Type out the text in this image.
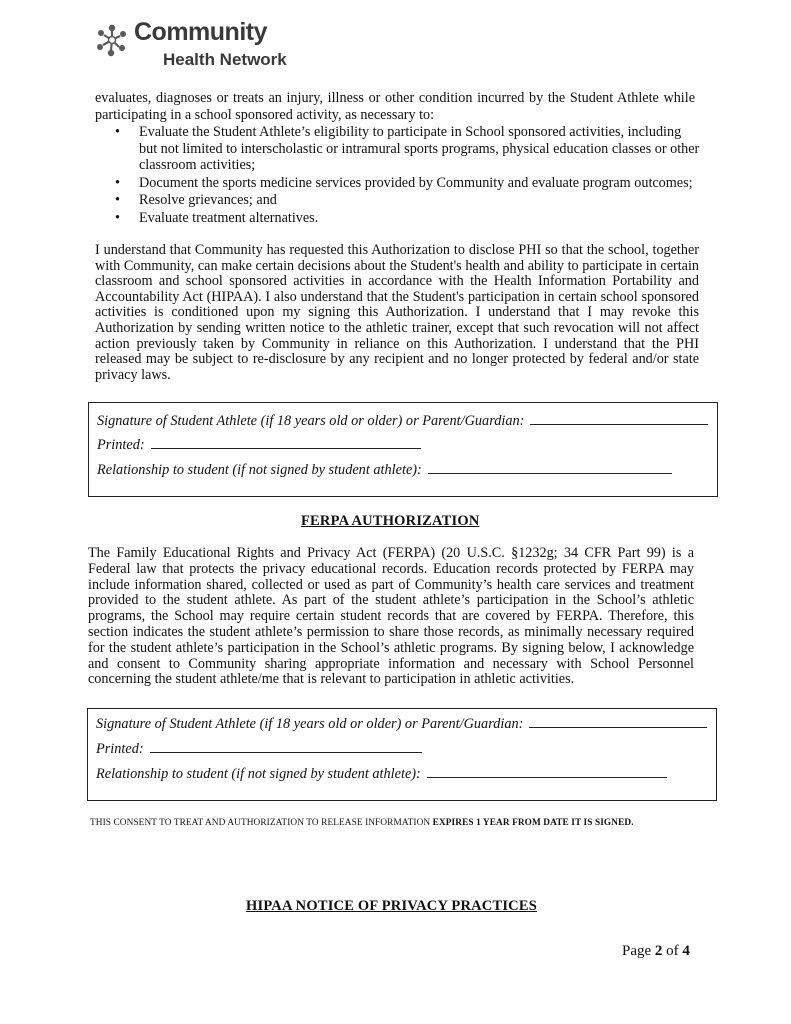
Community
Health Network
evaluates, diagnoses or treats an injury, illness or other condition incurred by the Student Athlete while participating in a school sponsored activity, as necessary to:
• Evaluate the Student Athlete’s eligibility to participate in School sponsored activities, including but not limited to interscholastic or intramural sports programs, physical education classes or other classroom activities;
• Document the sports medicine services provided by Community and evaluate program outcomes;
• Resolve grievances; and
• Evaluate treatment alternatives.
I understand that Community has requested this Authorization to disclose PHI so that the school, together with Community, can make certain decisions about the Student's health and ability to participate in certain classroom and school sponsored activities in accordance with the Health Information Portability and Accountability Act (HIPAA). I also understand that the Student's participation in certain school sponsored activities is conditioned upon my signing this Authorization. I understand that I may revoke this Authorization by sending written notice to the athletic trainer, except that such revocation will not affect action previously taken by Community in reliance on this Authorization. I understand that the PHI released may be subject to re-disclosure by any recipient and no longer protected by federal and/or state privacy laws.
Signature of Student Athlete (if 18 years old or older) or Parent/Guardian:
Printed:
Relationship to student (if not signed by student athlete):
FERPA AUTHORIZATION
The Family Educational Rights and Privacy Act (FERPA) (20 U.S.C. §1232g; 34 CFR Part 99) is a Federal law that protects the privacy educational records. Education records protected by FERPA may include information shared, collected or used as part of Community’s health care services and treatment provided to the student athlete. As part of the student athlete’s participation in the School’s athletic programs, the School may require certain student records that are covered by FERPA. Therefore, this section indicates the student athlete’s permission to share those records, as minimally necessary required for the student athlete’s participation in the School’s athletic programs. By signing below, I acknowledge and consent to Community sharing appropriate information and necessary with School Personnel concerning the student athlete/me that is relevant to participation in athletic activities.
Signature of Student Athlete (if 18 years old or older) or Parent/Guardian:
Printed:
Relationship to student (if not signed by student athlete):
THIS CONSENT TO TREAT AND AUTHORIZATION TO RELEASE INFORMATION EXPIRES 1 YEAR FROM DATE IT IS SIGNED.
HIPAA NOTICE OF PRIVACY PRACTICES
Page 2 of 4
